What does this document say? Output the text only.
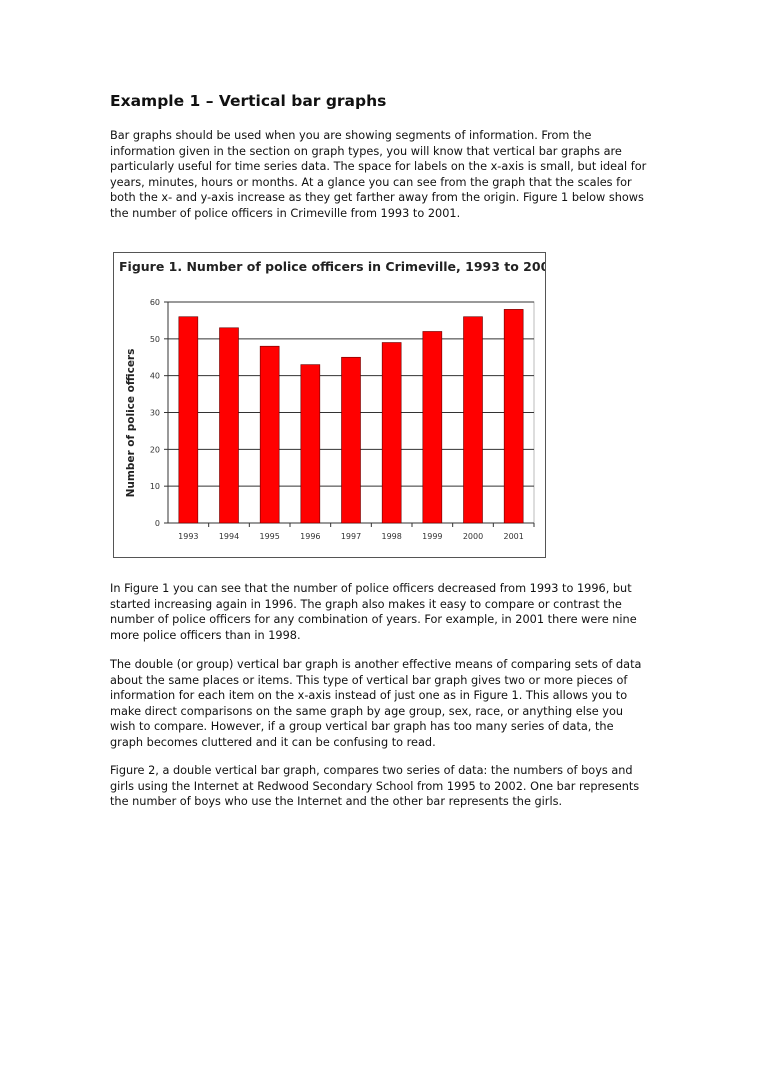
Example 1 – Vertical bar graphs

Bar graphs should be used when you are showing segments of information. From the information given in the section on graph types, you will know that vertical bar graphs are particularly useful for time series data. The space for labels on the x-axis is small, but ideal for years, minutes, hours or months. At a glance you can see from the graph that the scales for both the x- and y-axis increase as they get farther away from the origin. Figure 1 below shows the number of police officers in Crimeville from 1993 to 2001.

Figure 1. Number of police officers in Crimeville, 1993 to 2001
Number of police officers
0
10
20
30
40
50
60
1993	1994	1995	1996	1997	1998	1999	2000	2001

In Figure 1 you can see that the number of police officers decreased from 1993 to 1996, but started increasing again in 1996. The graph also makes it easy to compare or contrast the number of police officers for any combination of years. For example, in 2001 there were nine more police officers than in 1998.

The double (or group) vertical bar graph is another effective means of comparing sets of data about the same places or items. This type of vertical bar graph gives two or more pieces of information for each item on the x-axis instead of just one as in Figure 1. This allows you to make direct comparisons on the same graph by age group, sex, race, or anything else you wish to compare. However, if a group vertical bar graph has too many series of data, the graph becomes cluttered and it can be confusing to read.

Figure 2, a double vertical bar graph, compares two series of data: the numbers of boys and girls using the Internet at Redwood Secondary School from 1995 to 2002. One bar represents the number of boys who use the Internet and the other bar represents the girls.
